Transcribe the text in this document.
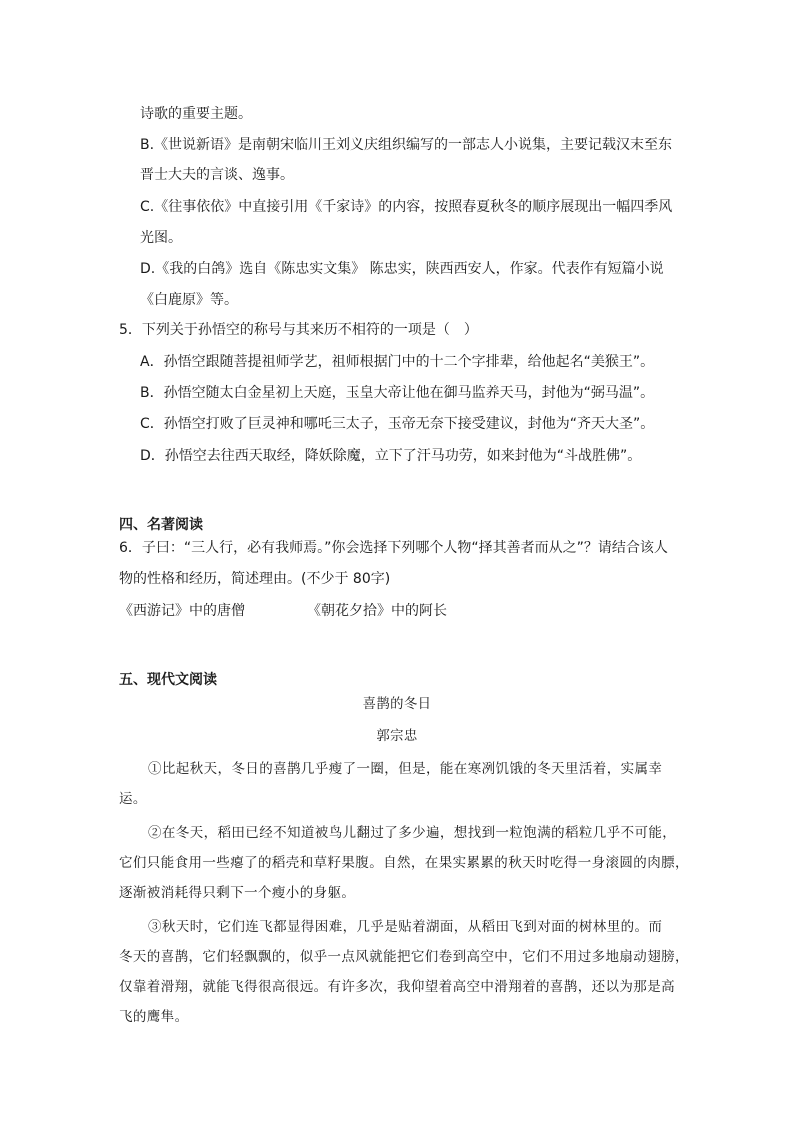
诗歌的重要主题。
B.《世说新语》是南朝宋临川王刘义庆组织编写的一部志人小说集，主要记载汉末至东
晋士大夫的言谈、逸事。
C.《往事依依》中直接引用《千家诗》的内容，按照春夏秋冬的顺序展现出一幅四季风
光图。
D.《我的白鸽》选自《陈忠实文集》 陈忠实，陕西西安人，作家。代表作有短篇小说
《白鹿原》等。
5．下列关于孙悟空的称号与其来历不相符的一项是（　）
A．孙悟空跟随菩提祖师学艺，祖师根据门中的十二个字排辈，给他起名“美猴王”。
B．孙悟空随太白金星初上天庭，玉皇大帝让他在御马监养天马，封他为“弼马温”。
C．孙悟空打败了巨灵神和哪吒三太子，玉帝无奈下接受建议，封他为“齐天大圣”。
D．孙悟空去往西天取经，降妖除魔，立下了汗马功劳，如来封他为“斗战胜佛”。
四、名著阅读
6．子曰：“三人行，必有我师焉。”你会选择下列哪个人物“择其善者而从之”？请结合该人
物的性格和经历，简述理由。(不少于 80字)
《西游记》中的唐僧	《朝花夕拾》中的阿长
五、现代文阅读
喜鹊的冬日
郭宗忠
①比起秋天，冬日的喜鹊几乎瘦了一圈，但是，能在寒冽饥饿的冬天里活着，实属幸
运。
②在冬天，稻田已经不知道被鸟儿翻过了多少遍，想找到一粒饱满的稻粒几乎不可能，
它们只能食用一些瘪了的稻壳和草籽果腹。自然，在果实累累的秋天时吃得一身滚圆的肉膘，
逐渐被消耗得只剩下一个瘦小的身躯。
③秋天时，它们连飞都显得困难，几乎是贴着湖面，从稻田飞到对面的树林里的。而
冬天的喜鹊，它们轻飘飘的，似乎一点风就能把它们卷到高空中，它们不用过多地扇动翅膀，
仅靠着滑翔，就能飞得很高很远。有许多次，我仰望着高空中滑翔着的喜鹊，还以为那是高
飞的鹰隼。
